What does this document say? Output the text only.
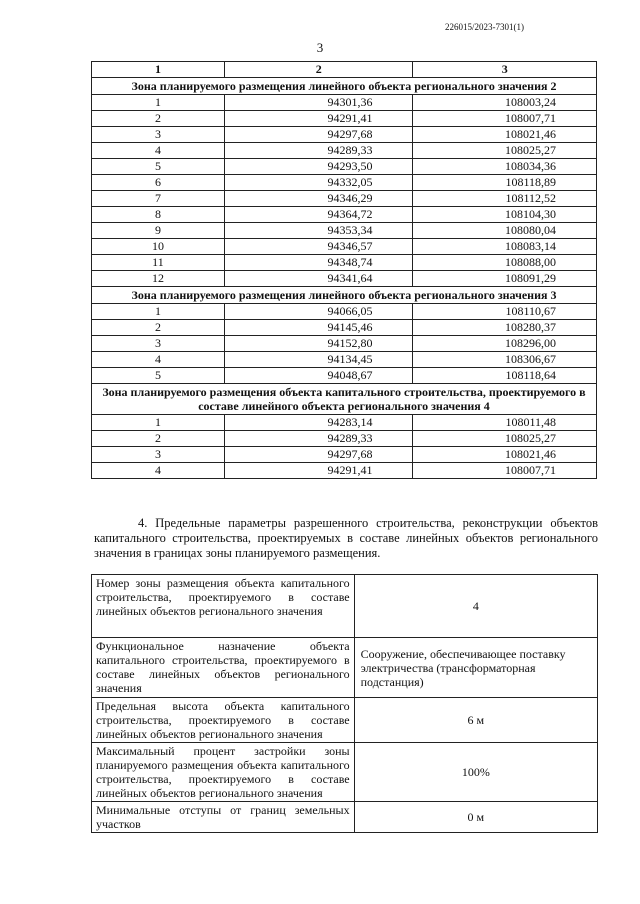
226015/2023-7301(1)
3
1	2	3
Зона планируемого размещения линейного объекта регионального значения 2		
1	94301,36	108003,24
2	94291,41	108007,71
3	94297,68	108021,46
4	94289,33	108025,27
5	94293,50	108034,36
6	94332,05	108118,89
7	94346,29	108112,52
8	94364,72	108104,30
9	94353,34	108080,04
10	94346,57	108083,14
11	94348,74	108088,00
12	94341,64	108091,29
Зона планируемого размещения линейного объекта регионального значения 3		
1	94066,05	108110,67
2	94145,46	108280,37
3	94152,80	108296,00
4	94134,45	108306,67
5	94048,67	108118,64
Зона планируемого размещения объекта капитального строительства, проектируемого в составе линейного объекта регионального значения 4		
1	94283,14	108011,48
2	94289,33	108025,27
3	94297,68	108021,46
4	94291,41	108007,71
4. Предельные параметры разрешенного строительства, реконструкции объектов капитального строительства, проектируемых в составе линейных объектов регионального значения в границах зоны планируемого размещения.
Номер зоны размещения объекта капитального строительства, проектируемого в составе линейных объектов регионального значения	4
Функциональное назначение объекта капитального строительства, проектируемого в составе линейных объектов регионального значения	Сооружение, обеспечивающее поставку электричества (трансформаторная подстанция)
Предельная высота объекта капитального строительства, проектируемого в составе линейных объектов регионального значения	6 м
Максимальный процент застройки зоны планируемого размещения объекта капитального строительства, проектируемого в составе линейных объектов регионального значения	100%
Минимальные отступы от границ земельных участков	0 м
